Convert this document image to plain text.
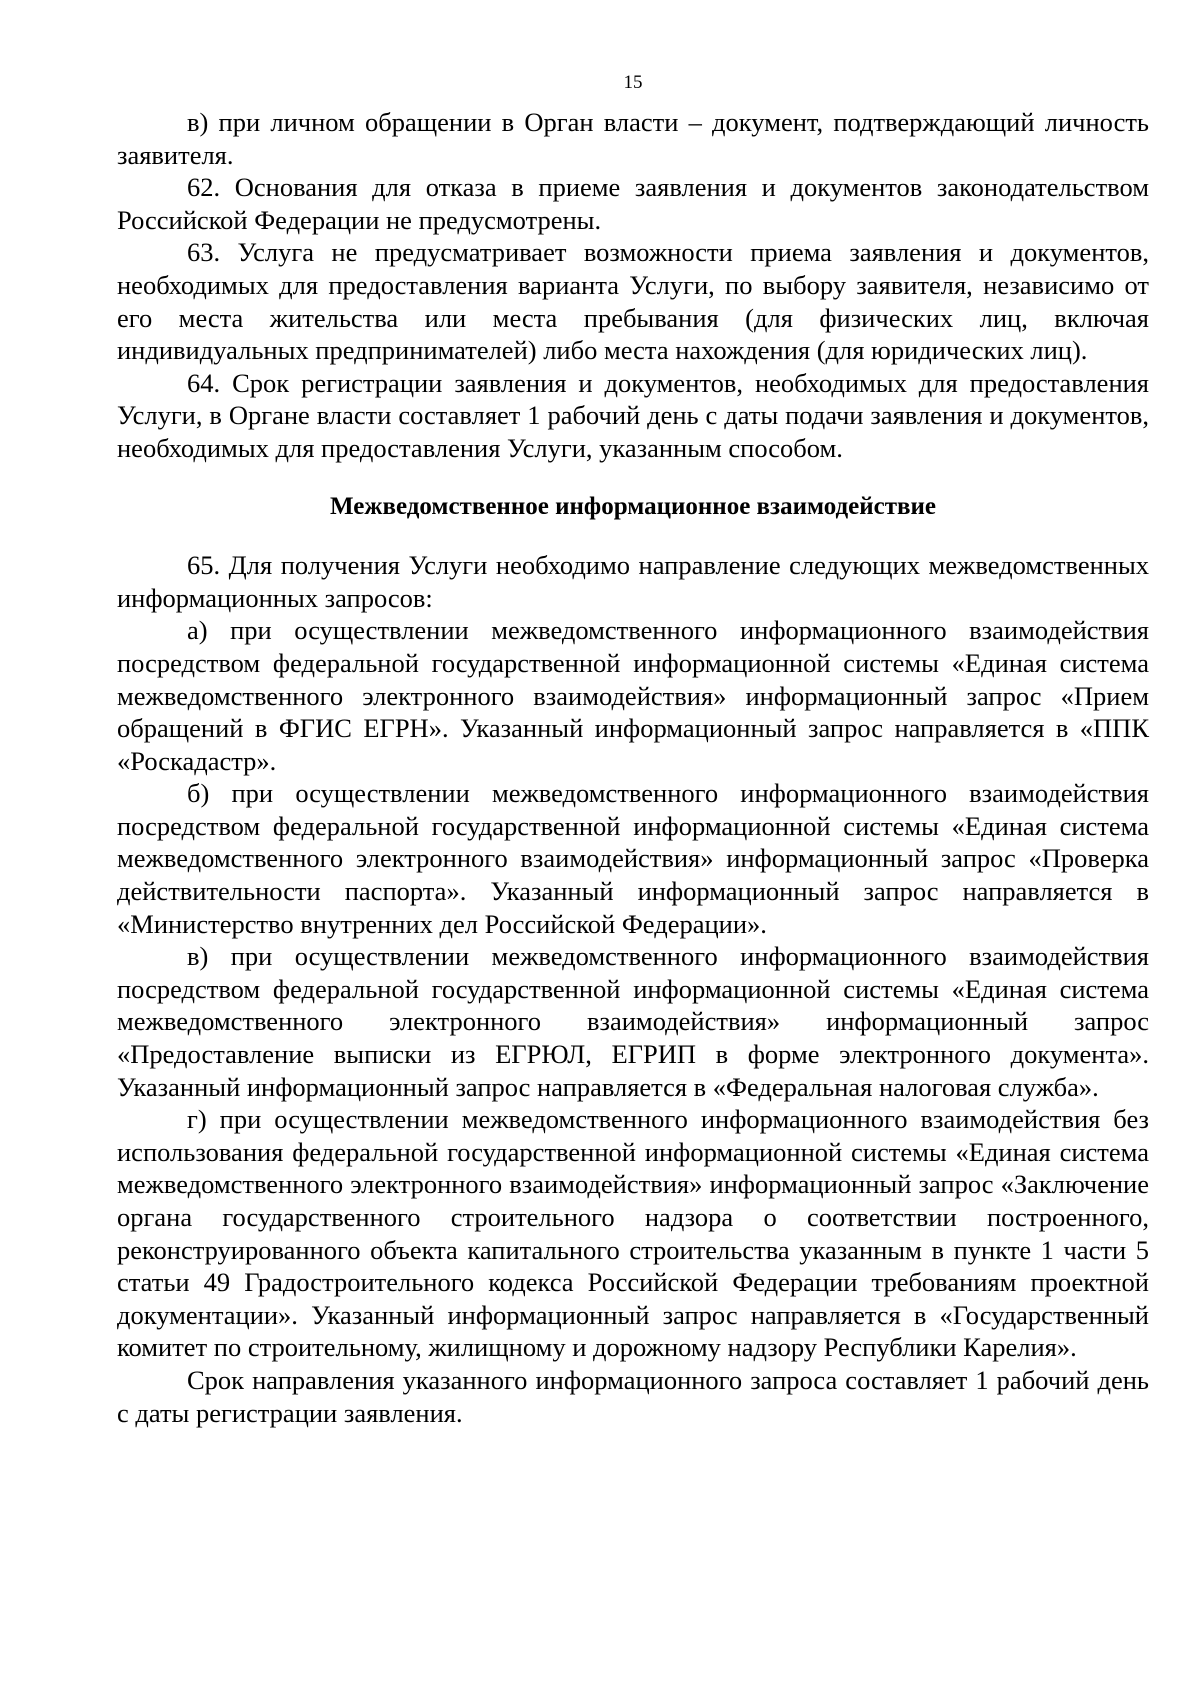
15

в) при личном обращении в Орган власти – документ, подтверждающий личность заявителя.

62. Основания для отказа в приеме заявления и документов законодательством Российской Федерации не предусмотрены.

63. Услуга не предусматривает возможности приема заявления и документов, необходимых для предоставления варианта Услуги, по выбору заявителя, независимо от его места жительства или места пребывания (для физических лиц, включая индивидуальных предпринимателей) либо места нахождения (для юридических лиц).

64. Срок регистрации заявления и документов, необходимых для предоставления Услуги, в Органе власти составляет 1 рабочий день с даты подачи заявления и документов, необходимых для предоставления Услуги, указанным способом.

Межведомственное информационное взаимодействие

65. Для получения Услуги необходимо направление следующих межведомственных информационных запросов:

а) при осуществлении межведомственного информационного взаимодействия посредством федеральной государственной информационной системы «Единая система межведомственного электронного взаимодействия» информационный запрос «Прием обращений в ФГИС ЕГРН». Указанный информационный запрос направляется в «ППК «Роскадастр».

б) при осуществлении межведомственного информационного взаимодействия посредством федеральной государственной информационной системы «Единая система межведомственного электронного взаимодействия» информационный запрос «Проверка действительности паспорта». Указанный информационный запрос направляется в «Министерство внутренних дел Российской Федерации».

в) при осуществлении межведомственного информационного взаимодействия посредством федеральной государственной информационной системы «Единая система межведомственного электронного взаимодействия» информационный запрос «Предоставление выписки из ЕГРЮЛ, ЕГРИП в форме электронного документа». Указанный информационный запрос направляется в «Федеральная налоговая служба».

г) при осуществлении межведомственного информационного взаимодействия без использования федеральной государственной информационной системы «Единая система межведомственного электронного взаимодействия» информационный запрос «Заключение органа государственного строительного надзора о соответствии построенного, реконструированного объекта капитального строительства указанным в пункте 1 части 5 статьи 49 Градостроительного кодекса Российской Федерации требованиям проектной документации». Указанный информационный запрос направляется в «Государственный комитет по строительному, жилищному и дорожному надзору Республики Карелия».

Срок направления указанного информационного запроса составляет 1 рабочий день с даты регистрации заявления.
